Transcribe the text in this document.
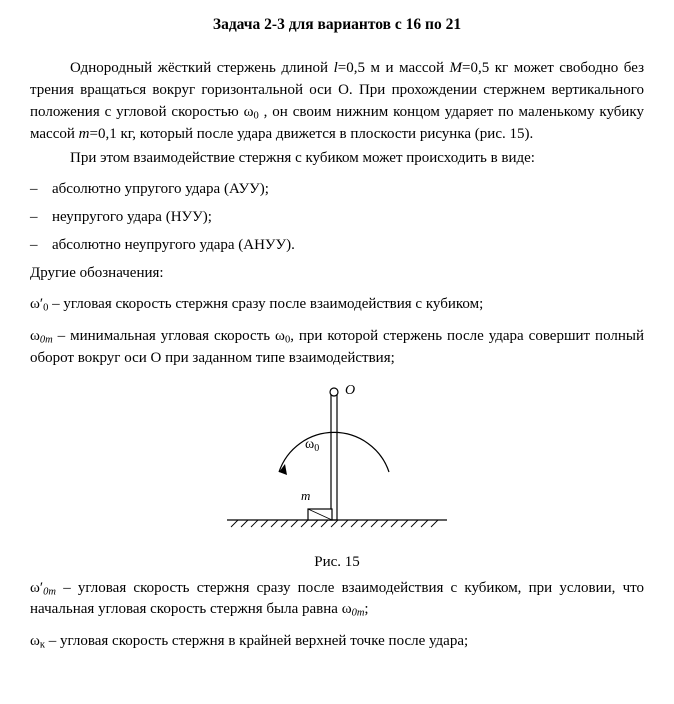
Задача 2-3 для вариантов с 16 по 21

Однородный жёсткий стержень длиной l=0,5 м и массой M=0,5 кг может свободно без трения вращаться вокруг горизонтальной оси О. При прохождении стержнем вертикального положения с угловой скоростью $\omega_0$ , он своим нижним концом ударяет по маленькому кубику массой m=0,1 кг, который после удара движется в плоскости рисунка (рис. 15).

При этом взаимодействие стержня с кубиком может происходить в виде:

– абсолютно упругого удара (АУУ);

– неупругого удара (НУУ);

– абсолютно неупругого удара (АНУУ).

Другие обозначения:

$\omega'_0$ – угловая скорость стержня сразу после взаимодействия с кубиком;

$\omega_{0m}$ – минимальная угловая скорость $\omega_0$, при которой стержень после удара совершит полный оборот вокруг оси О при заданном типе взаимодействия;

О
m
$\omega_0$
Рис. 15

$\omega'_{0m}$ – угловая скорость стержня сразу после взаимодействия с кубиком, при условии, что начальная угловая скорость стержня была равна $\omega_{0m}$;

$\omega_к$ – угловая скорость стержня в крайней верхней точке после удара;
